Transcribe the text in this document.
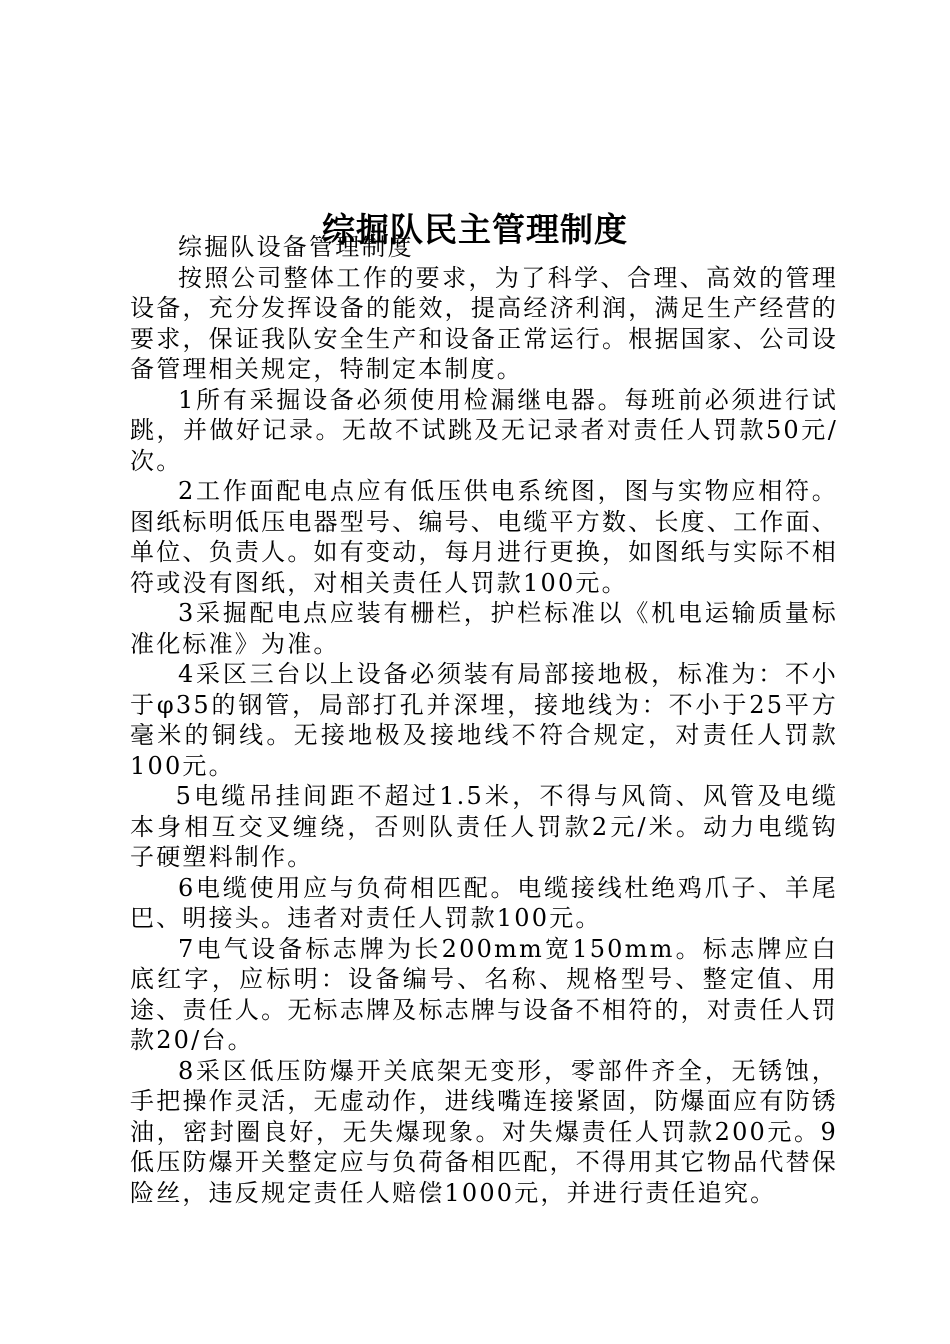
综掘队民主管理制度

综掘队设备管理制度

按照公司整体工作的要求，为了科学、合理、高效的管理设备，充分发挥设备的能效，提高经济利润，满足生产经营的要求，保证我队安全生产和设备正常运行。根据国家、公司设备管理相关规定，特制定本制度。

1所有采掘设备必须使用检漏继电器。每班前必须进行试跳，并做好记录。无故不试跳及无记录者对责任人罚款50元/次。

2工作面配电点应有低压供电系统图，图与实物应相符。图纸标明低压电器型号、编号、电缆平方数、长度、工作面、单位、负责人。如有变动，每月进行更换，如图纸与实际不相符或没有图纸，对相关责任人罚款100元。

3采掘配电点应装有栅栏，护栏标准以《机电运输质量标准化标准》为准。

4采区三台以上设备必须装有局部接地极，标准为：不小于φ35的钢管，局部打孔并深埋，接地线为：不小于25平方毫米的铜线。无接地极及接地线不符合规定，对责任人罚款100元。

5电缆吊挂间距不超过1.5米，不得与风筒、风管及电缆本身相互交叉缠绕，否则队责任人罚款2元/米。动力电缆钩子硬塑料制作。

6电缆使用应与负荷相匹配。电缆接线杜绝鸡爪子、羊尾巴、明接头。违者对责任人罚款100元。

7电气设备标志牌为长200mm宽150mm。标志牌应白底红字，应标明：设备编号、名称、规格型号、整定值、用途、责任人。无标志牌及标志牌与设备不相符的，对责任人罚款20/台。

8采区低压防爆开关底架无变形，零部件齐全，无锈蚀，手把操作灵活，无虚动作，进线嘴连接紧固，防爆面应有防锈油，密封圈良好，无失爆现象。对失爆责任人罚款200元。9低压防爆开关整定应与负荷备相匹配，不得用其它物品代替保险丝，违反规定责任人赔偿1000元，并进行责任追究。
